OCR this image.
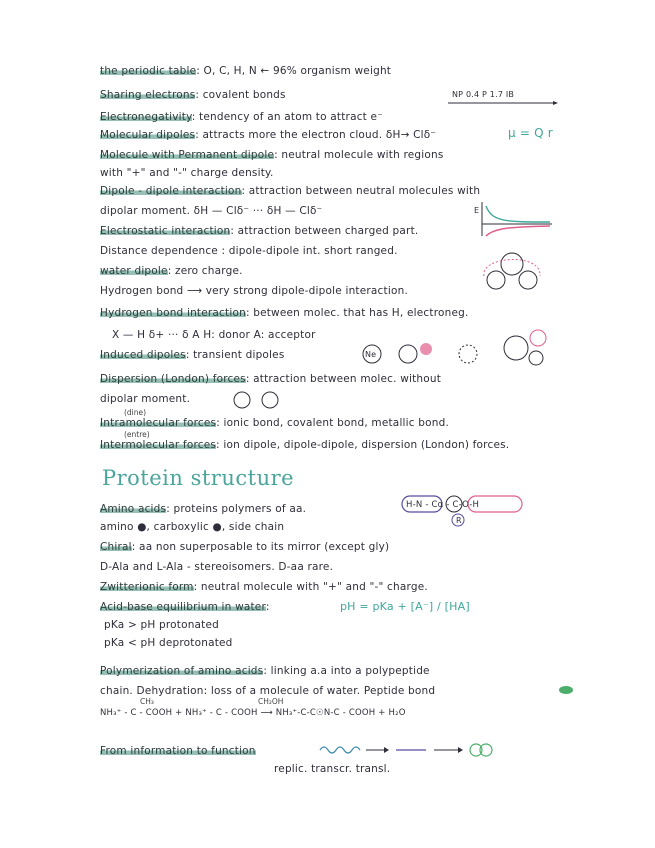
the periodic table: O, C, H, N ← 96% organism weight
Sharing electrons: covalent bonds	NP 0.4 P 1.7 IB
Electronegativity: tendency of an atom to attract e⁻
Molecular dipoles: attracts more the electron cloud. δH→ Clδ⁻	μ = Q r
Molecule with Permanent dipole: neutral molecule with regions
with "+" and "-" charge density.
Dipole - dipole interaction: attraction between neutral molecules with
dipolar moment. δH — Clδ⁻ ··· δH — Clδ⁻
Electrostatic interaction: attraction between charged part.
E
Distance dependence : dipole-dipole int. short ranged.
water dipole: zero charge.
Hydrogen bond ⟶ very strong dipole-dipole interaction.
Hydrogen bond interaction: between molec. that has H, electroneg.
X — H δ+ ··· δ A H: donor A: acceptor
Induced dipoles: transient dipoles	Ne
Dispersion (London) forces: attraction between molec. without
dipolar moment.
(dine)
Intramolecular forces: ionic bond, covalent bond, metallic bond.
(entre)
Intermolecular forces: ion dipole, dipole-dipole, dispersion (London) forces.
Protein structure
Amino acids: proteins polymers of aa.	H-N - Cα - C-O-H
R
amino ●, carboxylic ●, side chain
Chiral: aa non superposable to its mirror (except gly)
D-Ala and L-Ala - stereoisomers. D-aa rare.
Zwitterionic form: neutral molecule with "+" and "-" charge.
Acid-base equilibrium in water:	pH = pKa + [A⁻] / [HA]
pKa > pH protonated
pKa < pH deprotonated
Polymerization of amino acids: linking a.a into a polypeptide
chain. Dehydration: loss of a molecule of water. Peptide bond
CH₃	CH₂OH
NH₃⁺ - C - COOH + NH₃⁺ - C - COOH ⟶ NH₃⁺-C-C☉N-C - COOH + H₂O
From information to function
replic. transcr. transl.
